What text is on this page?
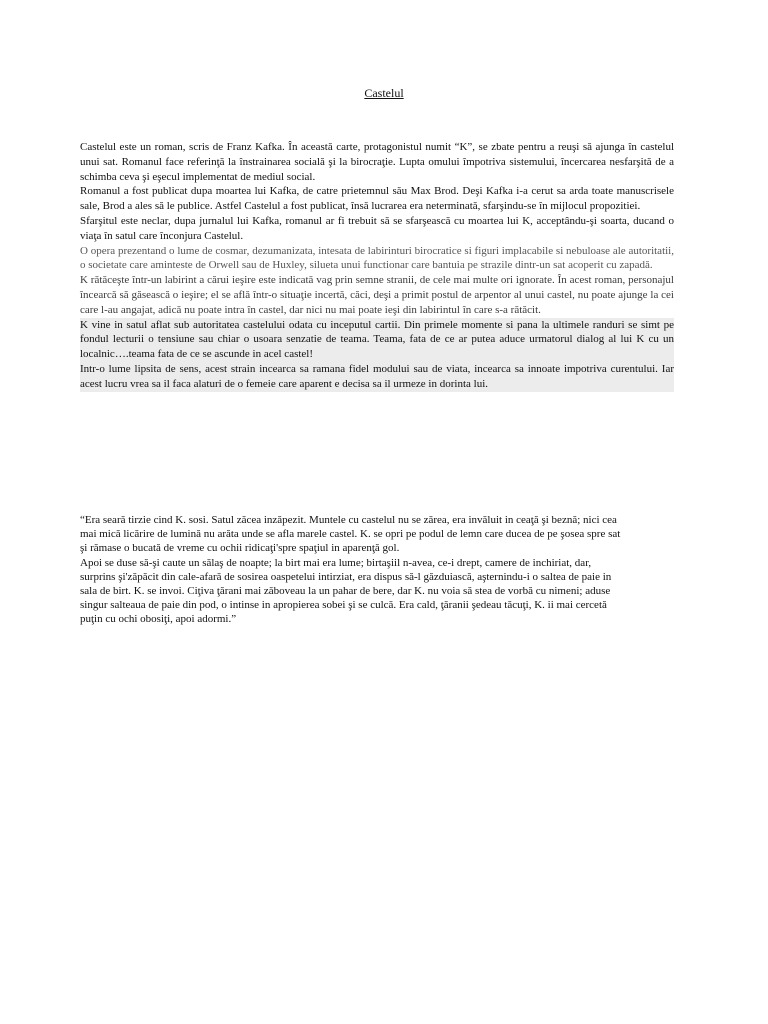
Castelul

Castelul este un roman, scris de Franz Kafka. În această carte, protagonistul numit “K”, se zbate pentru a reuşi să ajunga în castelul unui sat. Romanul face referinţă la înstrainarea socială şi la birocraţie. Lupta omului împotriva sistemului, încercarea nesfarşită de a schimba ceva şi eşecul implementat de mediul social.

Romanul a fost publicat dupa moartea lui Kafka, de catre prietemnul său Max Brod. Deşi Kafka i-a cerut sa arda toate manuscrisele sale, Brod a ales să le publice. Astfel Castelul a fost publicat, însă lucrarea era neterminată, sfarşindu-se în mijlocul propozitiei.

Sfarşitul este neclar, dupa jurnalul lui Kafka, romanul ar fi trebuit să se sfarşească cu moartea lui K, acceptându-şi soarta, ducand o viaţa în satul care înconjura Castelul.

O opera prezentand o lume de cosmar, dezumanizata, intesata de labirinturi birocratice si figuri implacabile si nebuloase ale autoritatii, o societate care aminteste de Orwell sau de Huxley, silueta unui functionar care bantuia pe strazile dintr-un sat acoperit cu zapadă.

K rătăceşte într-un labirint a cărui ieşire este indicată vag prin semne stranii, de cele mai multe ori ignorate. În acest roman, personajul încearcă să găsească o ieşire; el se află într-o situaţie incertă, căci, deşi a primit postul de arpentor al unui castel, nu poate ajunge la cei care l-au angajat, adică nu poate intra în castel, dar nici nu mai poate ieşi din labirintul în care s-a rătăcit.

K vine in satul aflat sub autoritatea castelului odata cu inceputul cartii. Din primele momente si pana la ultimele randuri se simt pe fondul lecturii o tensiune sau chiar o usoara senzatie de teama. Teama, fata de ce ar putea aduce urmatorul dialog al lui K cu un localnic….teama fata de ce se ascunde in acel castel!

Intr-o lume lipsita de sens, acest strain incearca sa ramana fidel modului sau de viata, incearca sa innoate impotriva curentului. Iar acest lucru vrea sa il faca alaturi de o femeie care aparent e decisa sa il urmeze in dorinta lui.

“Era seară tirzie cind K. sosi. Satul zăcea inzăpezit. Muntele cu castelul nu se zărea, era invăluit in ceaţă şi beznă; nici cea mai mică licărire de lumină nu arăta unde se afla marele castel. K. se opri pe podul de lemn care ducea de pe şosea spre sat şi rămase o bucată de vreme cu ochii ridicaţi'spre spaţiul in aparenţă gol.

Apoi se duse să-şi caute un sălaş de noapte; la birt mai era lume; birtaşiil n-avea, ce-i drept, camere de inchiriat, dar, surprins şi'zăpăcit din cale-afară de sosirea oaspetelui intirziat, era dispus să-l găzduiască, aşternindu-i o saltea de paie in sala de birt. K. se invoi. Ciţiva ţărani mai zăboveau la un pahar de bere, dar K. nu voia să stea de vorbă cu nimeni; aduse singur salteaua de paie din pod, o intinse in apropierea sobei şi se culcă. Era cald, ţăranii şedeau tăcuţi, K. ii mai cercetă puţin cu ochi obosiţi, apoi adormi.”
